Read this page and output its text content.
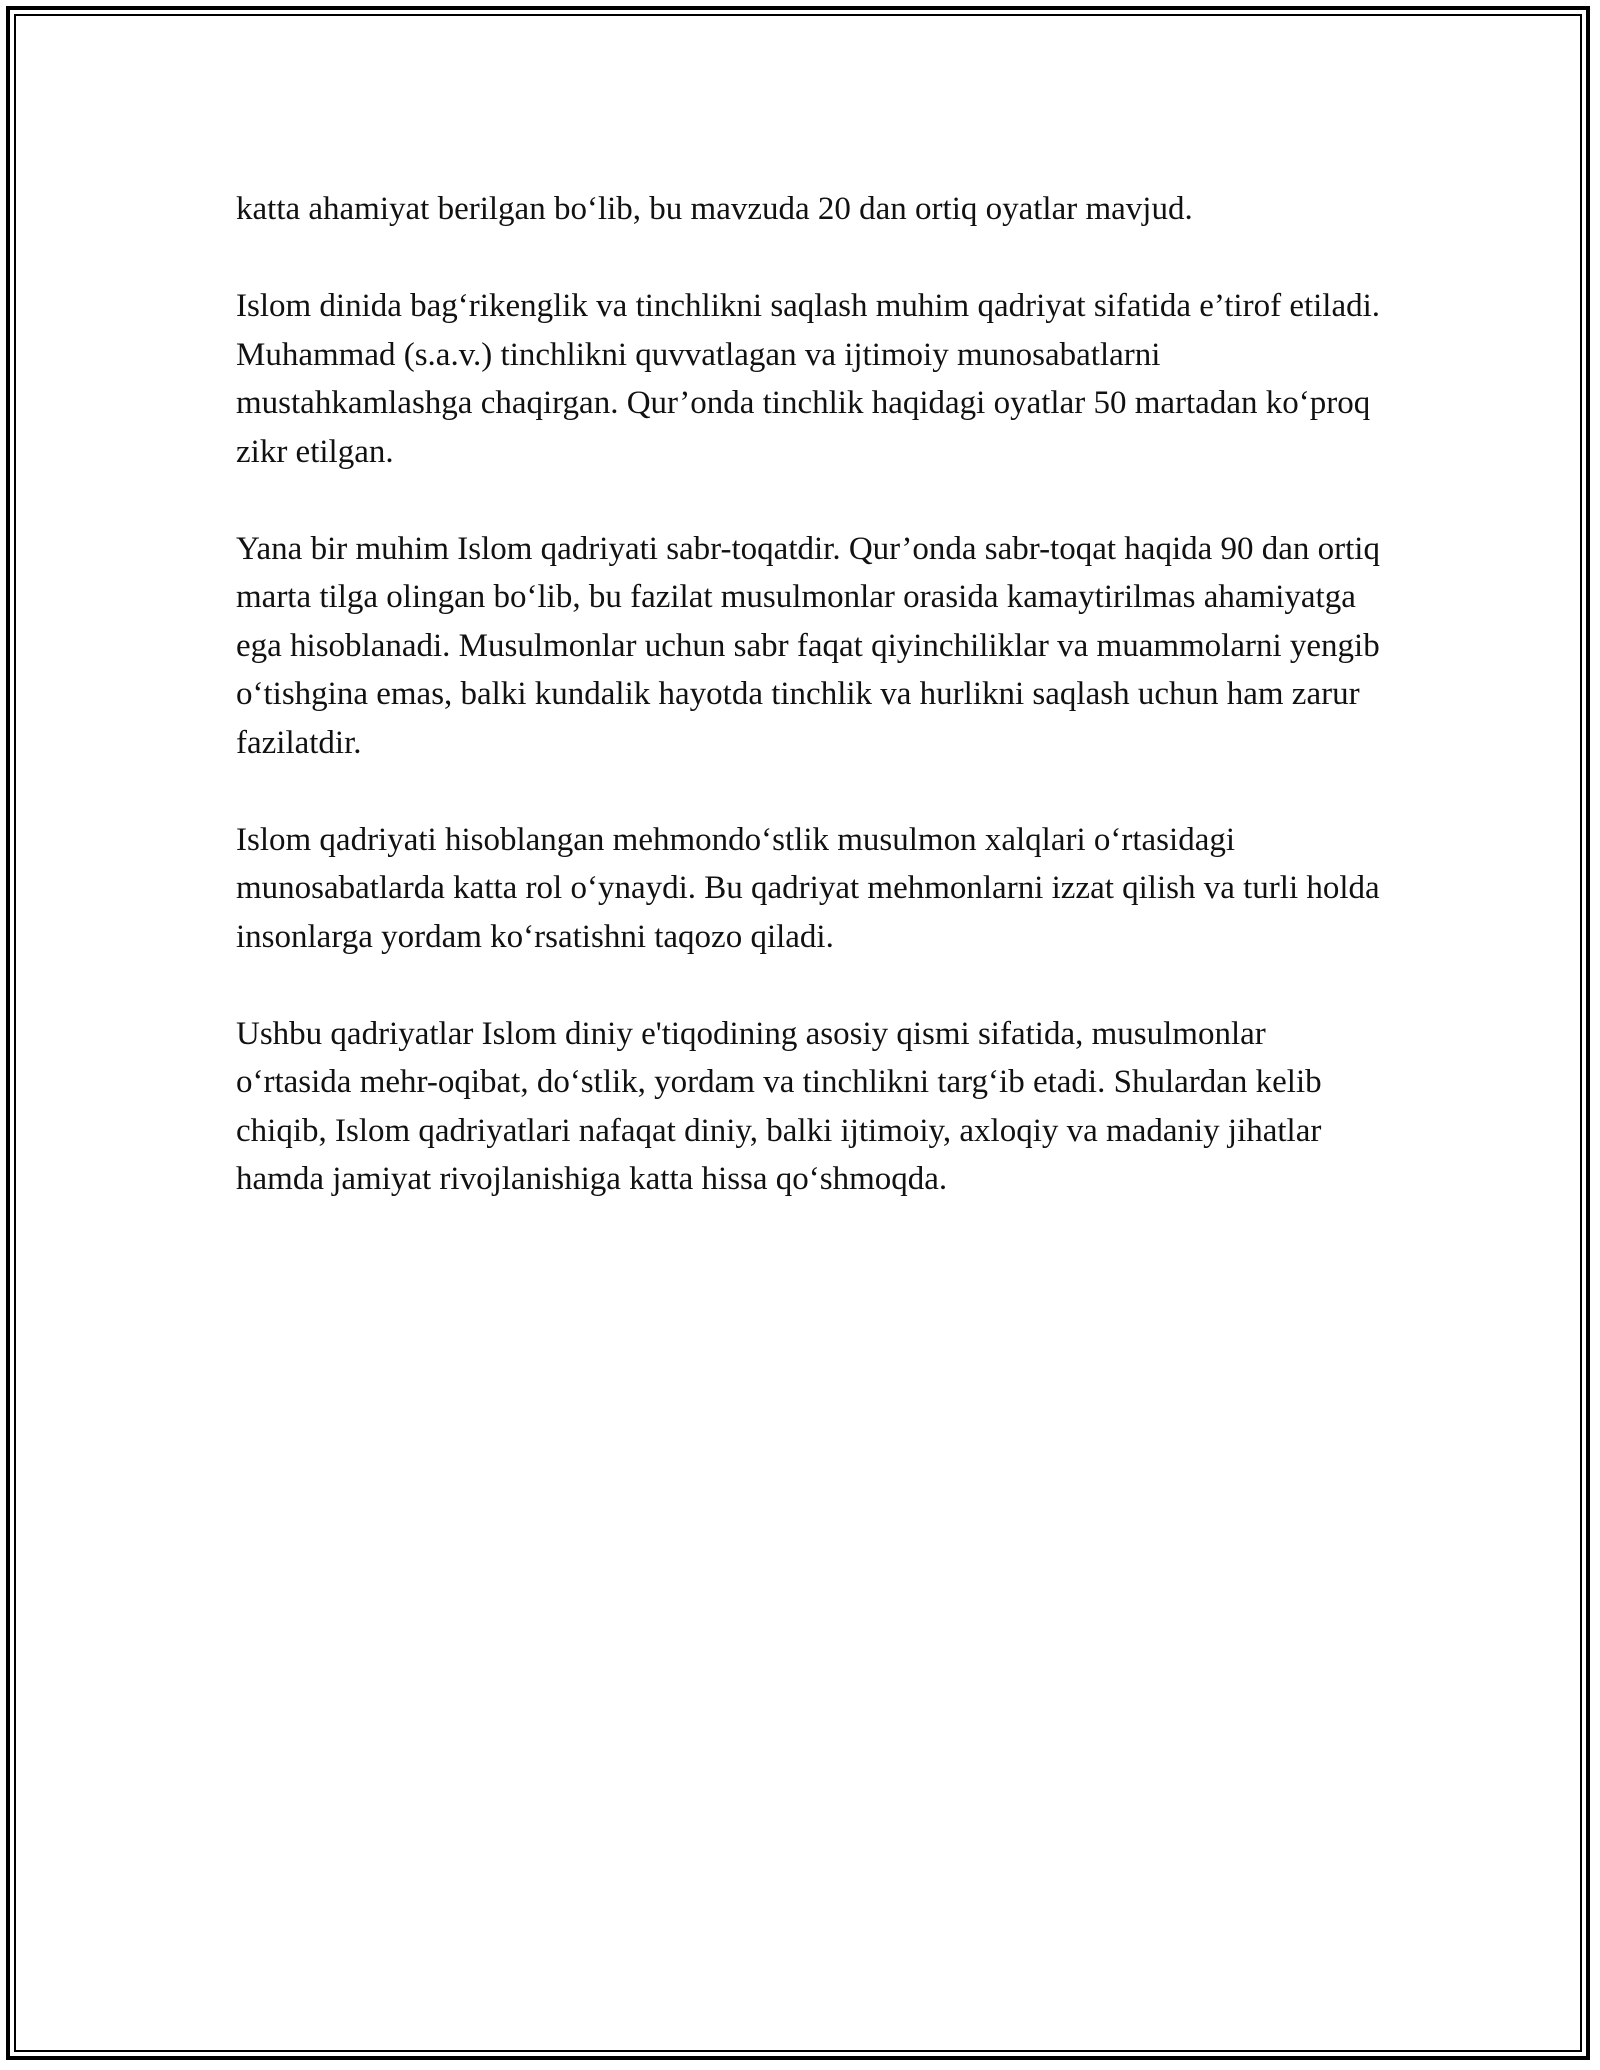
katta ahamiyat berilgan bo‘lib, bu mavzuda 20 dan ortiq oyatlar mavjud.

Islom dinida bag‘rikenglik va tinchlikni saqlash muhim qadriyat sifatida e’tirof etiladi. Muhammad (s.a.v.) tinchlikni quvvatlagan va ijtimoiy munosabatlarni mustahkamlashga chaqirgan. Qur’onda tinchlik haqidagi oyatlar 50 martadan ko‘proq zikr etilgan.

Yana bir muhim Islom qadriyati sabr-toqatdir. Qur’onda sabr-toqat haqida 90 dan ortiq marta tilga olingan bo‘lib, bu fazilat musulmonlar orasida kamaytirilmas ahamiyatga ega hisoblanadi. Musulmonlar uchun sabr faqat qiyinchiliklar va muammolarni yengib o‘tishgina emas, balki kundalik hayotda tinchlik va hurlikni saqlash uchun ham zarur fazilatdir.

Islom qadriyati hisoblangan mehmondo‘stlik musulmon xalqlari o‘rtasidagi munosabatlarda katta rol o‘ynaydi. Bu qadriyat mehmonlarni izzat qilish va turli holda insonlarga yordam ko‘rsatishni taqozo qiladi.

Ushbu qadriyatlar Islom diniy e'tiqodining asosiy qismi sifatida, musulmonlar o‘rtasida mehr-oqibat, do‘stlik, yordam va tinchlikni targ‘ib etadi. Shulardan kelib chiqib, Islom qadriyatlari nafaqat diniy, balki ijtimoiy, axloqiy va madaniy jihatlar hamda jamiyat rivojlanishiga katta hissa qo‘shmoqda.
